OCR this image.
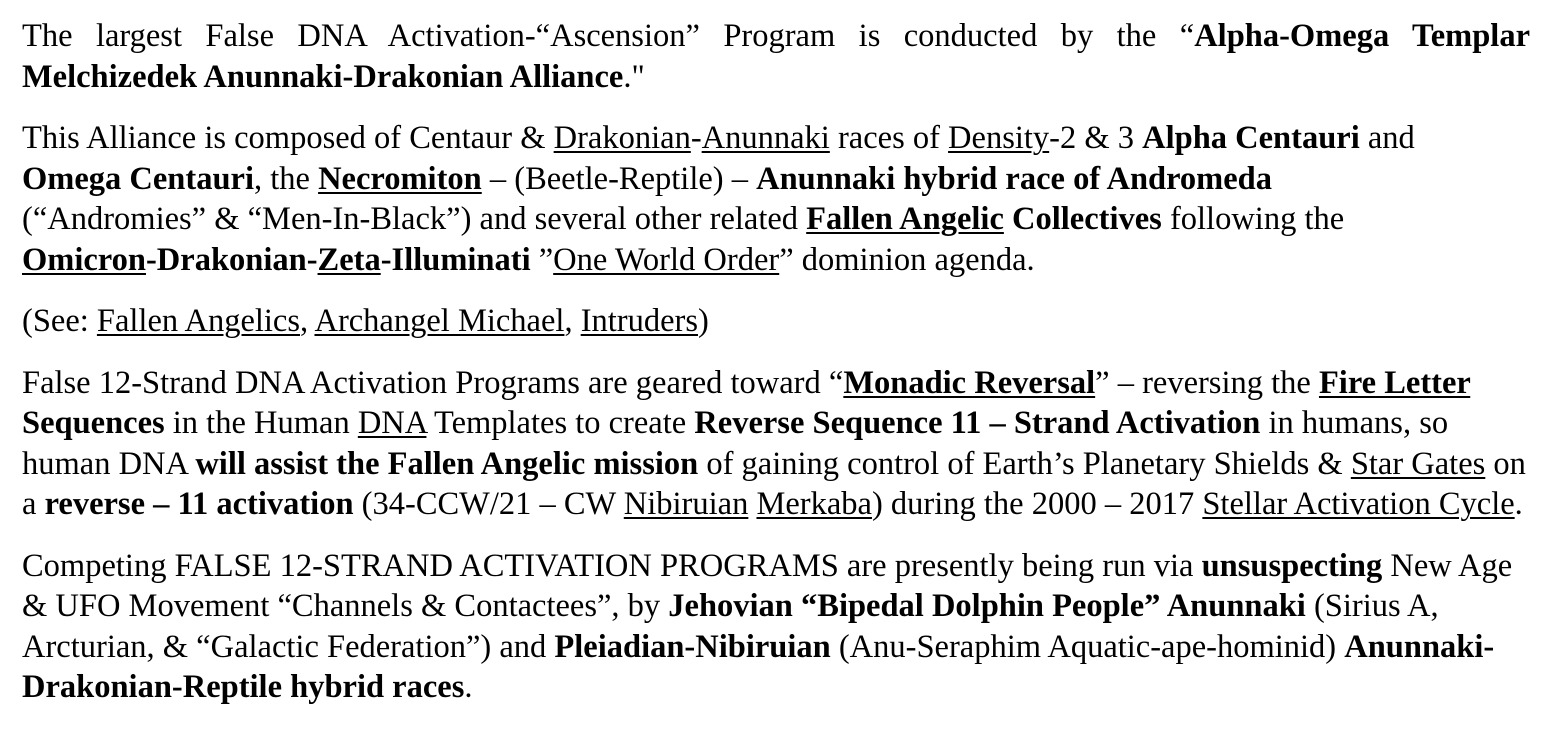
The largest False DNA Activation-“Ascension” Program is conducted by the “Alpha-Omega Templar Melchizedek Anunnaki-Drakonian Alliance."

This Alliance is composed of Centaur & Drakonian-Anunnaki races of Density-2 & 3 Alpha Centauri and
Omega Centauri, the Necromiton – (Beetle-Reptile) – Anunnaki hybrid race of Andromeda
(“Andromies” & “Men-In-Black”) and several other related Fallen Angelic Collectives following the
Omicron-Drakonian-Zeta-Illuminati ”One World Order” dominion agenda.

(See: Fallen Angelics, Archangel Michael, Intruders)

False 12-Strand DNA Activation Programs are geared toward “Monadic Reversal” – reversing the Fire Letter Sequences in the Human DNA Templates to create Reverse Sequence 11 – Strand Activation in humans, so human DNA will assist the Fallen Angelic mission of gaining control of Earth’s Planetary Shields & Star Gates on a reverse – 11 activation (34-CCW/21 – CW Nibiruian Merkaba) during the 2000 – 2017 Stellar Activation Cycle.

Competing FALSE 12-STRAND ACTIVATION PROGRAMS are presently being run via unsuspecting New Age & UFO Movement “Channels & Contactees”, by Jehovian “Bipedal Dolphin People” Anunnaki (Sirius A, Arcturian, & “Galactic Federation”) and Pleiadian-Nibiruian (Anu-Seraphim Aquatic-ape-hominid) Anunnaki-Drakonian-Reptile hybrid races.
